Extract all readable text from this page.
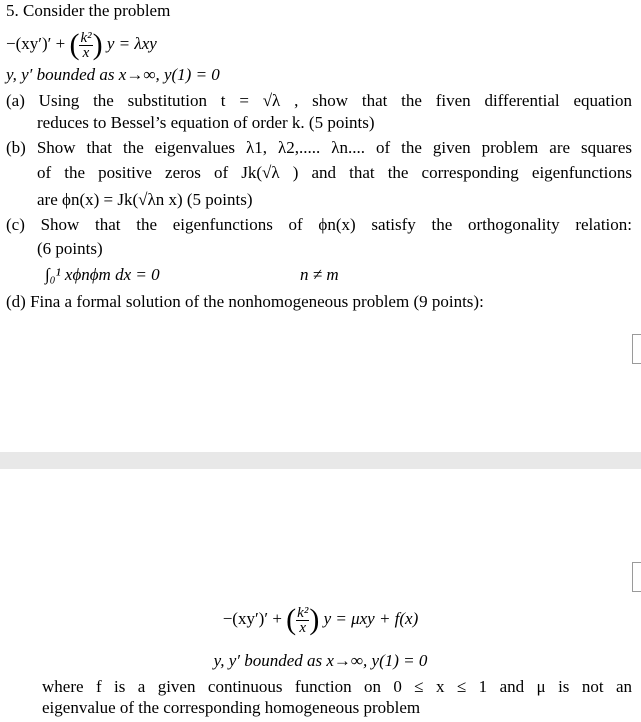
5. Consider the problem
−(xy′)′ + ( $\frac{\text{k²}}{x}$ ) y = λxy
y, y′ bounded as x→∞, y(1) = 0
(a) Using the substitution t = √λ , show that the fiven differential equation
reduces to Bessel’s equation of order k. (5 points)
(b) Show that the eigenvalues λ1, λ2,..... λn.... of the given problem are squares
of the positive zeros of Jk(√λ ) and that the corresponding eigenfunctions
are ϕn(x) = Jk(√λn x) (5 points)
(c) Show that the eigenfunctions of ϕn(x) satisfy the orthogonality relation:
(6 points)
∫₀¹ xϕnϕm dx = 0	n ≠ m
(d) Fina a formal solution of the nonhomogeneous problem (9 points):
−(xy′)′ + ( $\frac{\text{k²}}{x}$ ) y = μxy + f(x)
y, y′ bounded as x→∞, y(1) = 0
where f is a given continuous function on 0 ≤ x ≤ 1 and μ is not an
eigenvalue of the corresponding homogeneous problem
